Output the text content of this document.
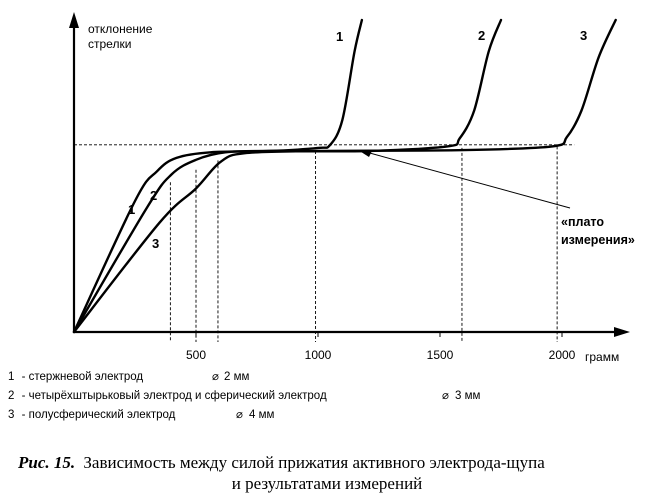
отклонение
стрелки
грамм
500	1000	1500	2000
1
2
3
1	2	3
«плато
измерения»
1 - стержневой электрод	⌀ 2 мм
2 - четырёхштырьковый электрод и сферический электрод	⌀ 3 мм
3 - полусферический электрод	⌀ 4 мм
Рис. 15. Зависимость между силой прижатия активного электрода-щупа
и результатами измерений
